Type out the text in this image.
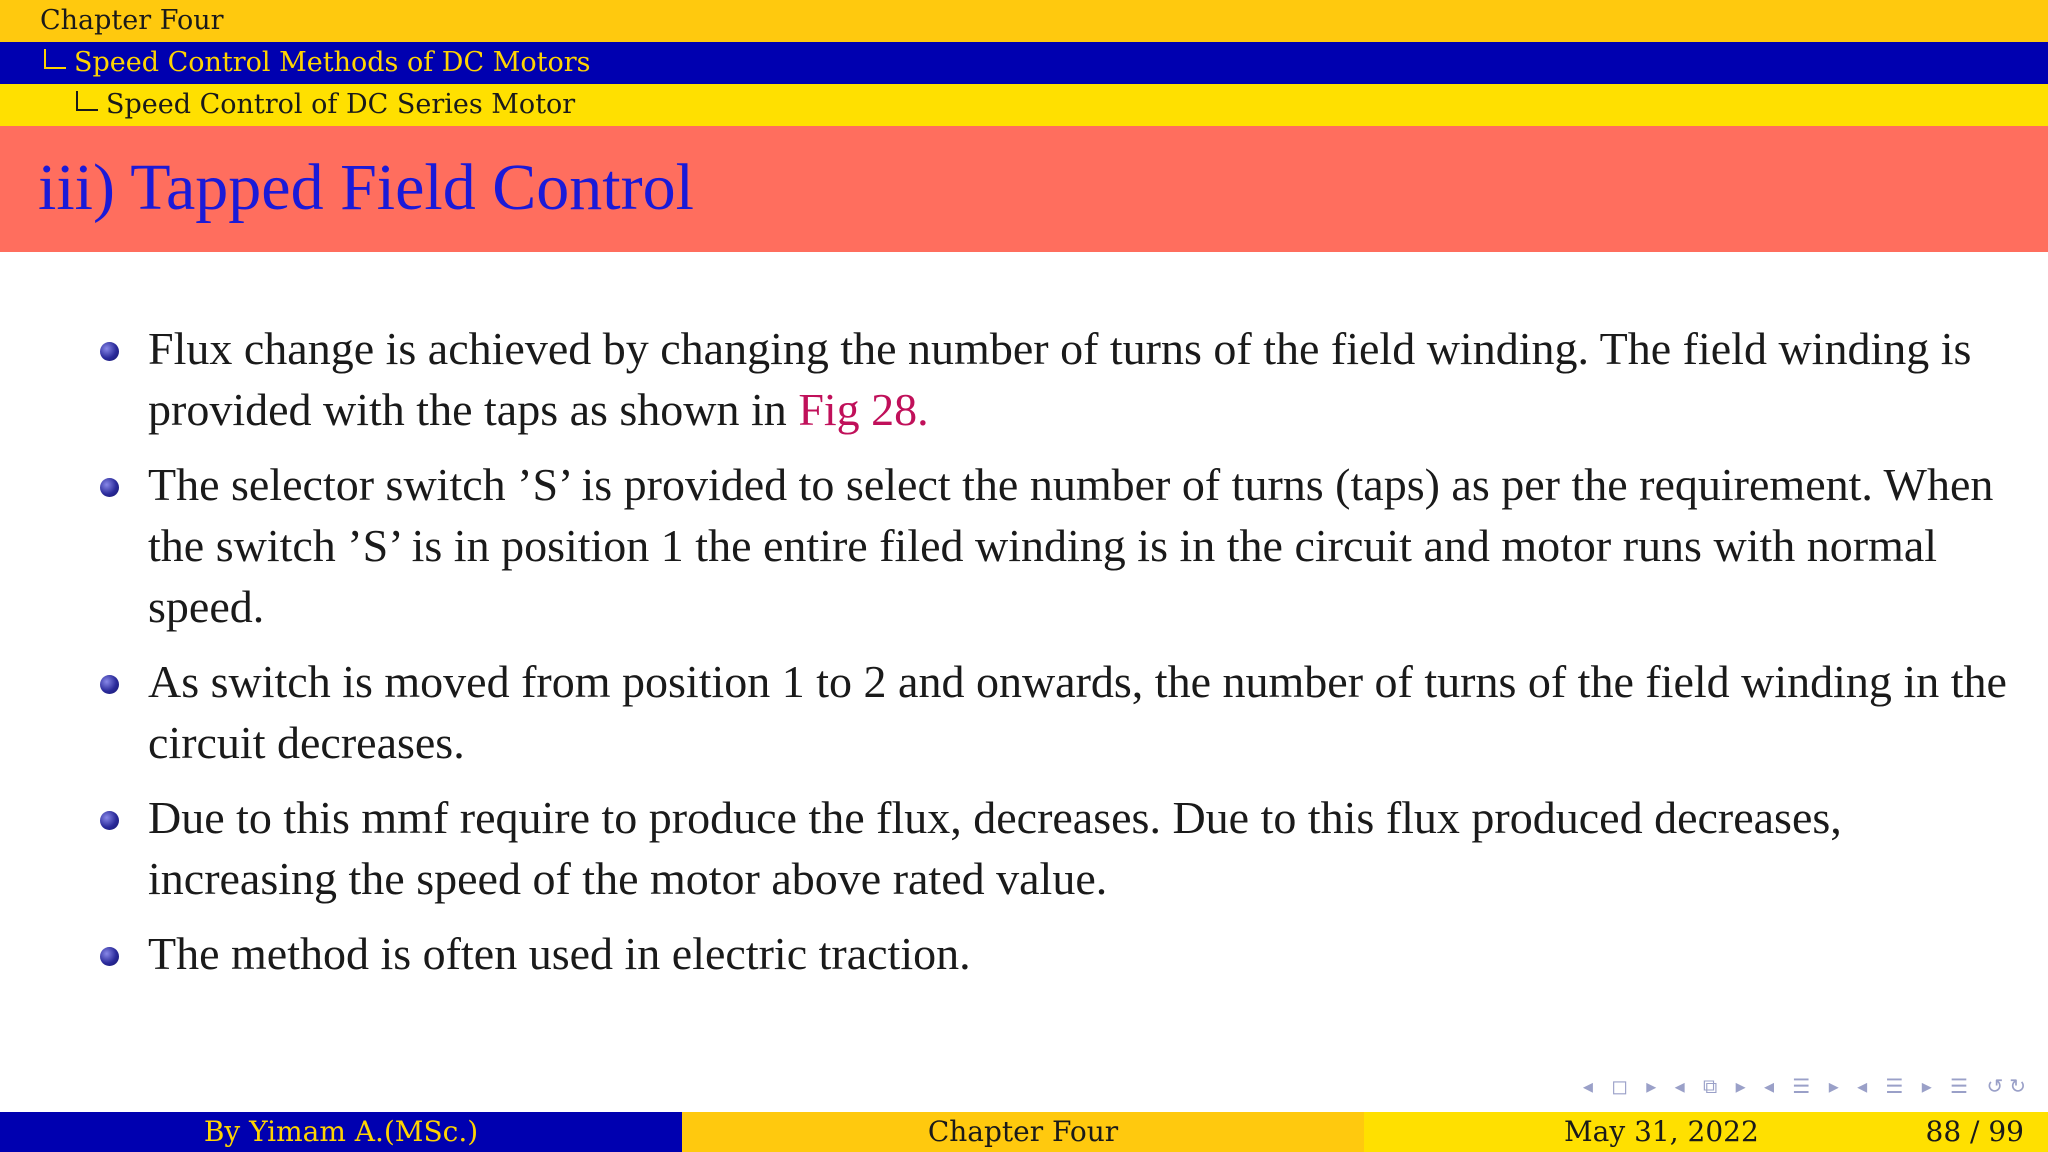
Chapter Four
Speed Control Methods of DC Motors
Speed Control of DC Series Motor
iii) Tapped Field Control
Flux change is achieved by changing the number of turns of the field winding. The field winding is provided with the taps as shown in Fig 28.
The selector switch ’S’ is provided to select the number of turns (taps) as per the requirement. When the switch ’S’ is in position 1 the entire filed winding is in the circuit and motor runs with normal speed.
As switch is moved from position 1 to 2 and onwards, the number of turns of the field winding in the circuit decreases.
Due to this mmf require to produce the flux, decreases. Due to this flux produced decreases, increasing the speed of the motor above rated value.
The method is often used in electric traction.
◂ ◻ ▸ ◂ ⧉ ▸ ◂ ☰ ▸ ◂ ☰ ▸ ☰ ↺↻
By Yimam A.(MSc.)	Chapter Four	May 31, 2022	88 / 99
